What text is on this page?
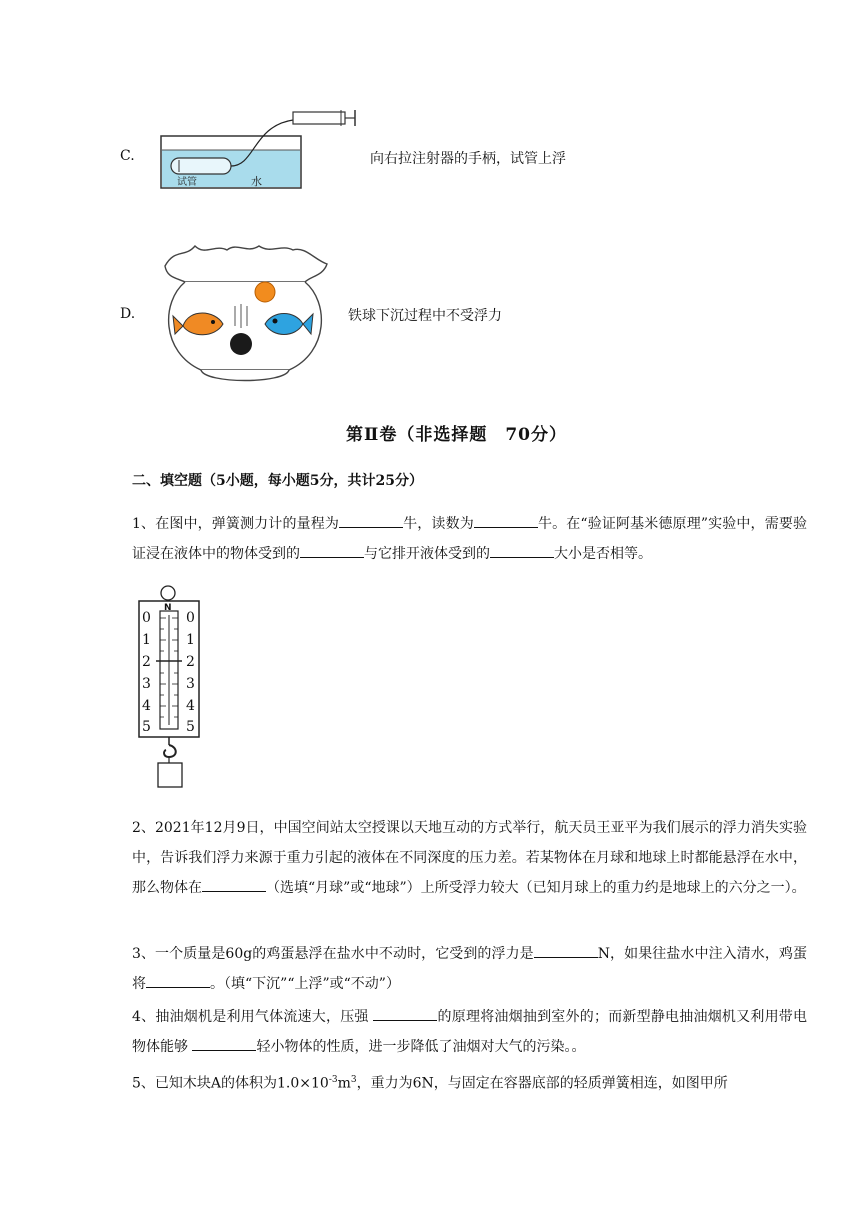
C.
试管	水
向右拉注射器的手柄，试管上浮
D.	铁球下沉过程中不受浮力
第Ⅱ卷（非选择题　70分）
二、填空题（5小题，每小题5分，共计25分）
1、在图中，弹簧测力计的量程为	牛，读数为	牛。在“验证阿基米德原理”实验中，需要验证浸在液体中的物体受到的	与它排开液体受到的	大小是否相等。
N
0
1
2
3
4
5
0
1
2
3
4
5
2、2021年12月9日，中国空间站太空授课以天地互动的方式举行，航天员王亚平为我们展示的浮力消失实验中，告诉我们浮力来源于重力引起的液体在不同深度的压力差。若某物体在月球和地球上时都能悬浮在水中，那么物体在	（选填“月球”或“地球”）上所受浮力较大（已知月球上的重力约是地球上的六分之一）。
3、一个质量是60g的鸡蛋悬浮在盐水中不动时，它受到的浮力是	N，如果往盐水中注入清水，鸡蛋将	。（填“下沉”“上浮”或“不动”）
4、抽油烟机是利用气体流速大，压强	的原理将油烟抽到室外的；而新型静电抽油烟机又利用带电物体能够	轻小物体的性质，进一步降低了油烟对大气的污染。。
5、已知木块A的体积为$1.0\times 10^{-3}m^3$，重力为6N，与固定在容器底部的轻质弹簧相连，如图甲所
